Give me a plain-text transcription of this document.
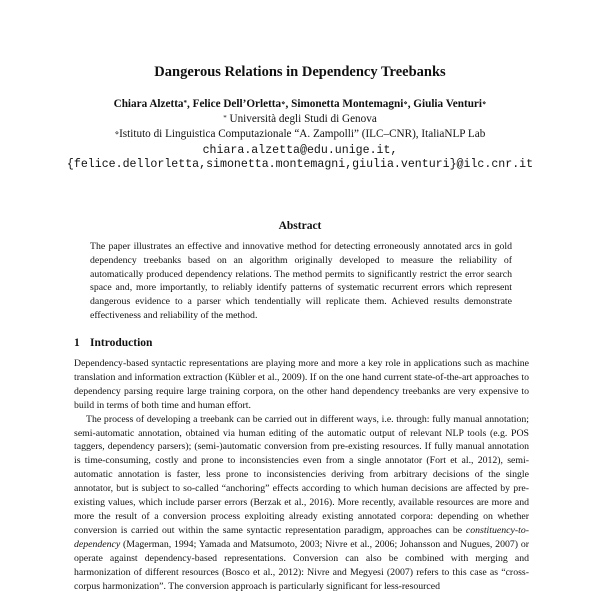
Dangerous Relations in Dependency Treebanks
Chiara Alzetta*, Felice Dell’Orletta⋄, Simonetta Montemagni⋄, Giulia Venturi⋄
* Università degli Studi di Genova
⋄Istituto di Linguistica Computazionale “A. Zampolli” (ILC–CNR), ItaliaNLP Lab
chiara.alzetta@edu.unige.it,
{felice.dellorletta,simonetta.montemagni,giulia.venturi}@ilc.cnr.it
Abstract
The paper illustrates an effective and innovative method for detecting erroneously annotated arcs in gold dependency treebanks based on an algorithm originally developed to measure the reliability of automatically produced dependency relations. The method permits to significantly restrict the error search space and, more importantly, to reliably identify patterns of systematic recurrent errors which represent dangerous evidence to a parser which tendentially will replicate them. Achieved results demonstrate effectiveness and reliability of the method.
1 Introduction

Dependency-based syntactic representations are playing more and more a key role in applications such as machine translation and information extraction (Kübler et al., 2009). If on the one hand current state-of-the-art approaches to dependency parsing require large training corpora, on the other hand dependency treebanks are very expensive to build in terms of both time and human effort.

The process of developing a treebank can be carried out in different ways, i.e. through: fully manual annotation; semi-automatic annotation, obtained via human editing of the automatic output of relevant NLP tools (e.g. POS taggers, dependency parsers); (semi-)automatic conversion from pre-existing resources. If fully manual annotation is time-consuming, costly and prone to inconsistencies even from a single annotator (Fort et al., 2012), semi-automatic annotation is faster, less prone to inconsistencies deriving from arbitrary decisions of the single annotator, but is subject to so-called “anchoring” effects according to which human decisions are affected by pre-existing values, which include parser errors (Berzak et al., 2016). More recently, available resources are more and more the result of a conversion process exploiting already existing annotated corpora: depending on whether conversion is carried out within the same syntactic representation paradigm, approaches can be constituency-to-dependency (Magerman, 1994; Yamada and Matsumoto, 2003; Nivre et al., 2006; Johansson and Nugues, 2007) or operate against dependency-based representations. Conversion can also be combined with merging and harmonization of different resources (Bosco et al., 2012): Nivre and Megyesi (2007) refers to this case as “cross-corpus harmonization”. The conversion approach is particularly significant for less-resourced
